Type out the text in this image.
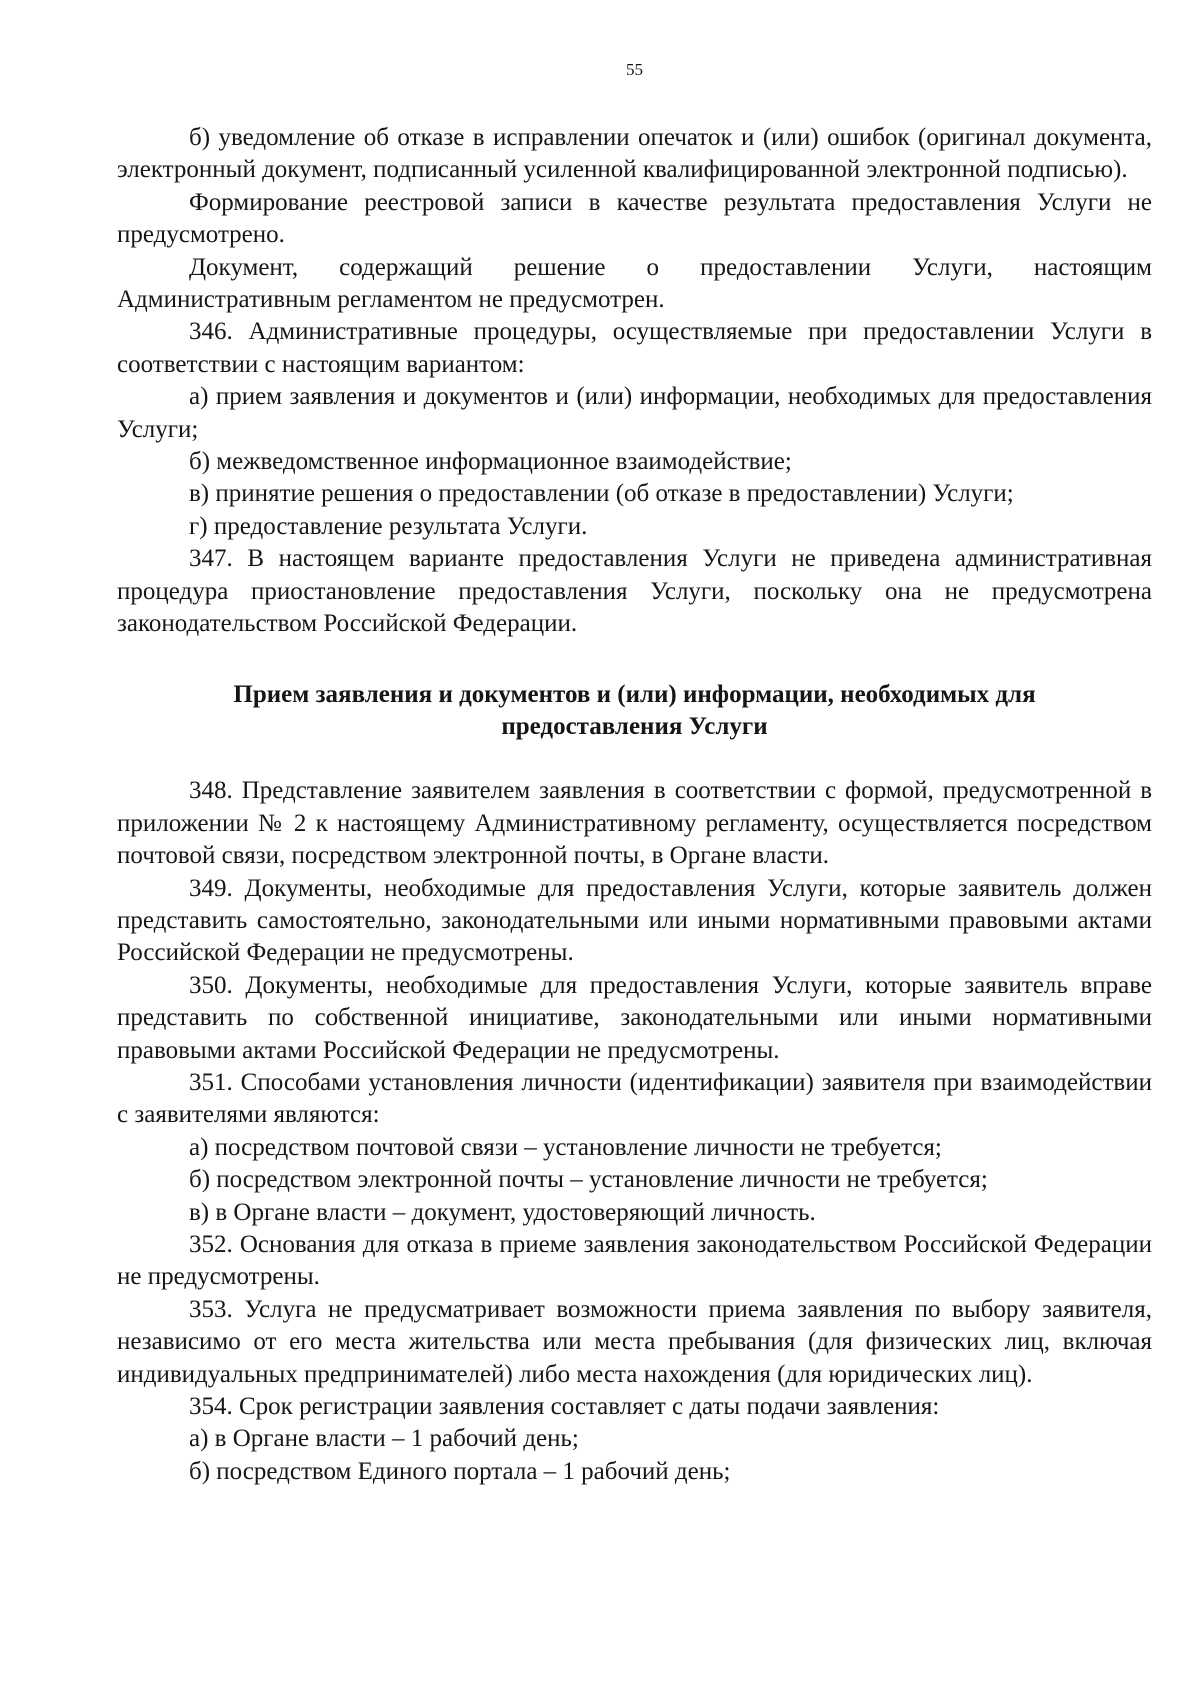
55

б) уведомление об отказе в исправлении опечаток и (или) ошибок (оригинал документа, электронный документ, подписанный усиленной квалифицированной электронной подписью).

Формирование реестровой записи в качестве результата предоставления Услуги не предусмотрено.

Документ, содержащий решение о предоставлении Услуги, настоящим Административным регламентом не предусмотрен.

346. Административные процедуры, осуществляемые при предоставлении Услуги в соответствии с настоящим вариантом:

а) прием заявления и документов и (или) информации, необходимых для предоставления Услуги;

б) межведомственное информационное взаимодействие;

в) принятие решения о предоставлении (об отказе в предоставлении) Услуги;

г) предоставление результата Услуги.

347. В настоящем варианте предоставления Услуги не приведена административная процедура приостановление предоставления Услуги, поскольку она не предусмотрена законодательством Российской Федерации.

Прием заявления и документов и (или) информации, необходимых для
предоставления Услуги

348. Представление заявителем заявления в соответствии с формой, предусмотренной в приложении № 2 к настоящему Административному регламенту, осуществляется посредством почтовой связи, посредством электронной почты, в Органе власти.

349. Документы, необходимые для предоставления Услуги, которые заявитель должен представить самостоятельно, законодательными или иными нормативными правовыми актами Российской Федерации не предусмотрены.

350. Документы, необходимые для предоставления Услуги, которые заявитель вправе представить по собственной инициативе, законодательными или иными нормативными правовыми актами Российской Федерации не предусмотрены.

351. Способами установления личности (идентификации) заявителя при взаимодействии с заявителями являются:

а) посредством почтовой связи – установление личности не требуется;

б) посредством электронной почты – установление личности не требуется;

в) в Органе власти – документ, удостоверяющий личность.

352. Основания для отказа в приеме заявления законодательством Российской Федерации не предусмотрены.

353. Услуга не предусматривает возможности приема заявления по выбору заявителя, независимо от его места жительства или места пребывания (для физических лиц, включая индивидуальных предпринимателей) либо места нахождения (для юридических лиц).

354. Срок регистрации заявления составляет с даты подачи заявления:

а) в Органе власти – 1 рабочий день;

б) посредством Единого портала – 1 рабочий день;
